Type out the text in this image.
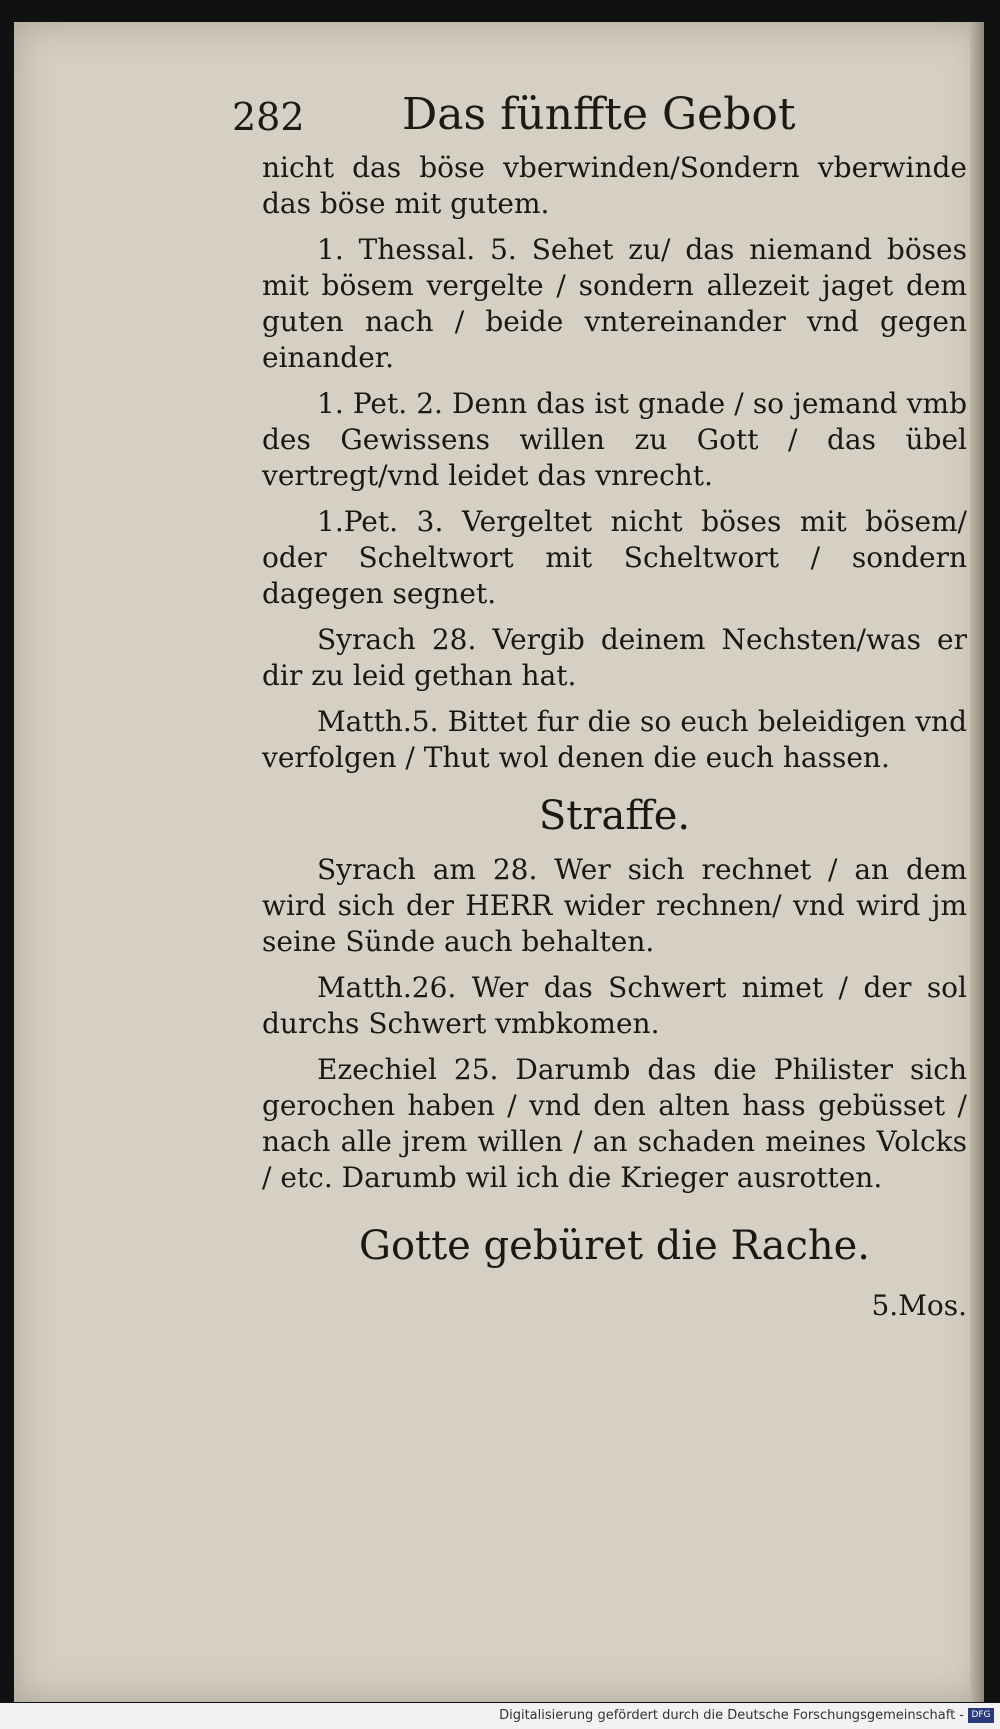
282 Das fünffte Gebot

nicht das böse vberwinden/Sondern vberwinde das böse mit gutem.

1. Thessal. 5. Sehet zu/ das niemand böses mit bösem vergelte / sondern allezeit jaget dem guten nach / beide vntereinander vnd gegen einander.

1. Pet. 2. Denn das ist gnade / so jemand vmb des Gewissens willen zu Gott / das übel vertregt/vnd leidet das vnrecht.

1.Pet. 3. Vergeltet nicht böses mit bösem/ oder Scheltwort mit Scheltwort / sondern dagegen segnet.

Syrach 28. Vergib deinem Nechsten/was er dir zu leid gethan hat.

Matth.5. Bittet fur die so euch beleidigen vnd verfolgen / Thut wol denen die euch hassen.

Straffe.

Syrach am 28. Wer sich rechnet / an dem wird sich der HERR wider rechnen/ vnd wird jm seine Sünde auch behalten.

Matth.26. Wer das Schwert nimet / der sol durchs Schwert vmbkomen.

Ezechiel 25. Darumb das die Philister sich gerochen haben / vnd den alten hass gebüsset / nach alle jrem willen / an schaden meines Volcks / etc. Darumb wil ich die Krieger ausrotten.

Gotte gebüret die Rache.
5.Mos.
Digitalisierung gefördert durch die Deutsche Forschungsgemeinschaft - DFG
